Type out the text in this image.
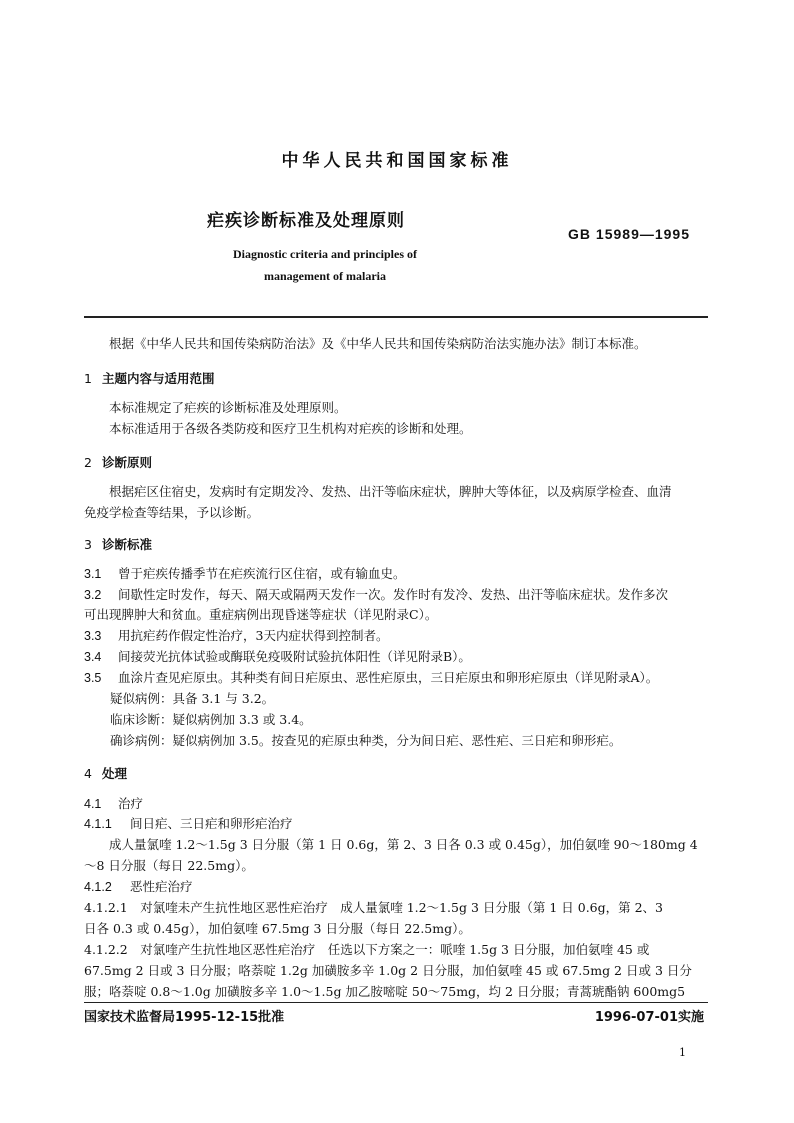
中华人民共和国国家标准
疟疾诊断标准及处理原则
GB 15989—1995
Diagnostic criteria and principles of
management of malaria
根据《中华人民共和国传染病防治法》及《中华人民共和国传染病防治法实施办法》制订本标准。
1 主题内容与适用范围
本标准规定了疟疾的诊断标准及处理原则。
本标准适用于各级各类防疫和医疗卫生机构对疟疾的诊断和处理。
2 诊断原则
根据疟区住宿史，发病时有定期发冷、发热、出汗等临床症状，脾肿大等体征，以及病原学检查、血清
免疫学检查等结果，予以诊断。
3 诊断标准
3.1 曾于疟疾传播季节在疟疾流行区住宿，或有输血史。
3.2 间歇性定时发作，每天、隔天或隔两天发作一次。发作时有发冷、发热、出汗等临床症状。发作多次
可出现脾肿大和贫血。重症病例出现昏迷等症状（详见附录C）。
3.3 用抗疟药作假定性治疗，3天内症状得到控制者。
3.4 间接荧光抗体试验或酶联免疫吸附试验抗体阳性（详见附录B）。
3.5 血涂片查见疟原虫。其种类有间日疟原虫、恶性疟原虫，三日疟原虫和卵形疟原虫（详见附录A）。
疑似病例：具备 3.1 与 3.2。
临床诊断：疑似病例加 3.3 或 3.4。
确诊病例：疑似病例加 3.5。按查见的疟原虫种类，分为间日疟、恶性疟、三日疟和卵形疟。
4 处理
4.1 治疗
4.1.1 间日疟、三日疟和卵形疟治疗
成人量氯喹 1.2～1.5g 3 日分服（第 1 日 0.6g，第 2、3 日各 0.3 或 0.45g），加伯氨喹 90～180mg 4
～8 日分服（每日 22.5mg）。
4.1.2 恶性疟治疗
4.1.2.1　对氯喹未产生抗性地区恶性疟治疗　成人量氯喹 1.2～1.5g 3 日分服（第 1 日 0.6g，第 2、3
日各 0.3 或 0.45g），加伯氨喹 67.5mg 3 日分服（每日 22.5mg）。
4.1.2.2　对氯喹产生抗性地区恶性疟治疗　任选以下方案之一：哌喹 1.5g 3 日分服，加伯氨喹 45 或
67.5mg 2 日或 3 日分服；咯萘啶 1.2g 加磺胺多辛 1.0g 2 日分服，加伯氨喹 45 或 67.5mg 2 日或 3 日分
服；咯萘啶 0.8～1.0g 加磺胺多辛 1.0～1.5g 加乙胺嘧啶 50～75mg，均 2 日分服；青蒿琥酯钠 600mg5
国家技术监督局1995-12-15批准	1996-07-01实施
1
